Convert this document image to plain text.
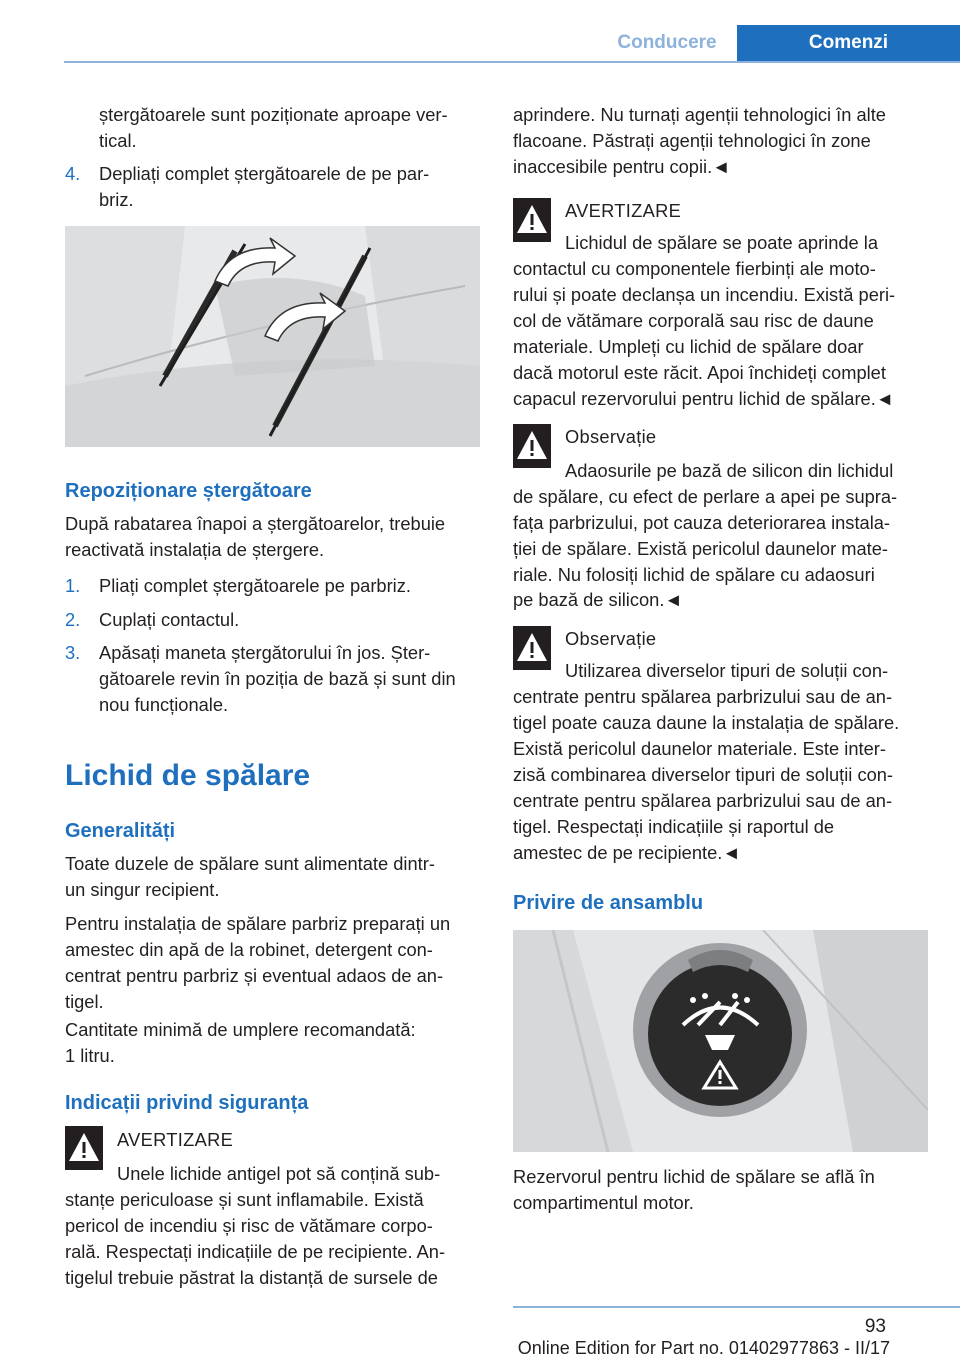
Conducere	Comenzi

ștergătoarele sunt poziționate aproape ver-

tical.

4. Depliați complet ștergătoarele de pe par-

briz.

Repoziționare ștergătoare

După rabatarea înapoi a ștergătoarelor, trebuie

reactivată instalația de ștergere.

1. Pliați complet ștergătoarele pe parbriz.

2. Cuplați contactul.

3. Apăsați maneta ștergătorului în jos. Șter-

gătoarele revin în poziția de bază și sunt din

nou funcționale.

Lichid de spălare
Generalități

Toate duzele de spălare sunt alimentate dintr-

un singur recipient.

Pentru instalația de spălare parbriz preparați un

amestec din apă de la robinet, detergent con-

centrat pentru parbriz și eventual adaos de an-

tigel.

Cantitate minimă de umplere recomandată:

1 litru.

Indicații privind siguranța

AVERTIZARE

Unele lichide antigel pot să conțină sub-

stanțe periculoase și sunt inflamabile. Există

pericol de incendiu și risc de vătămare corpo-

rală. Respectați indicațiile de pe recipiente. An-

tigelul trebuie păstrat la distanță de sursele de

aprindere. Nu turnați agenții tehnologici în alte

flacoane. Păstrați agenții tehnologici în zone

inaccesibile pentru copii.◄

AVERTIZARE

Lichidul de spălare se poate aprinde la

contactul cu componentele fierbinți ale moto-

rului și poate declanșa un incendiu. Există peri-

col de vătămare corporală sau risc de daune

materiale. Umpleți cu lichid de spălare doar

dacă motorul este răcit. Apoi închideți complet

capacul rezervorului pentru lichid de spălare.◄

Observație

Adaosurile pe bază de silicon din lichidul

de spălare, cu efect de perlare a apei pe supra-

fața parbrizului, pot cauza deteriorarea instala-

ției de spălare. Există pericolul daunelor mate-

riale. Nu folosiți lichid de spălare cu adaosuri

pe bază de silicon.◄

Observație

Utilizarea diverselor tipuri de soluții con-

centrate pentru spălarea parbrizului sau de an-

tigel poate cauza daune la instalația de spălare.

Există pericolul daunelor materiale. Este inter-

zisă combinarea diverselor tipuri de soluții con-

centrate pentru spălarea parbrizului sau de an-

tigel. Respectați indicațiile și raportul de

amestec de pe recipiente.◄

Privire de ansamblu

Rezervorul pentru lichid de spălare se află în

compartimentul motor.

93
Online Edition for Part no. 01402977863 - II/17
